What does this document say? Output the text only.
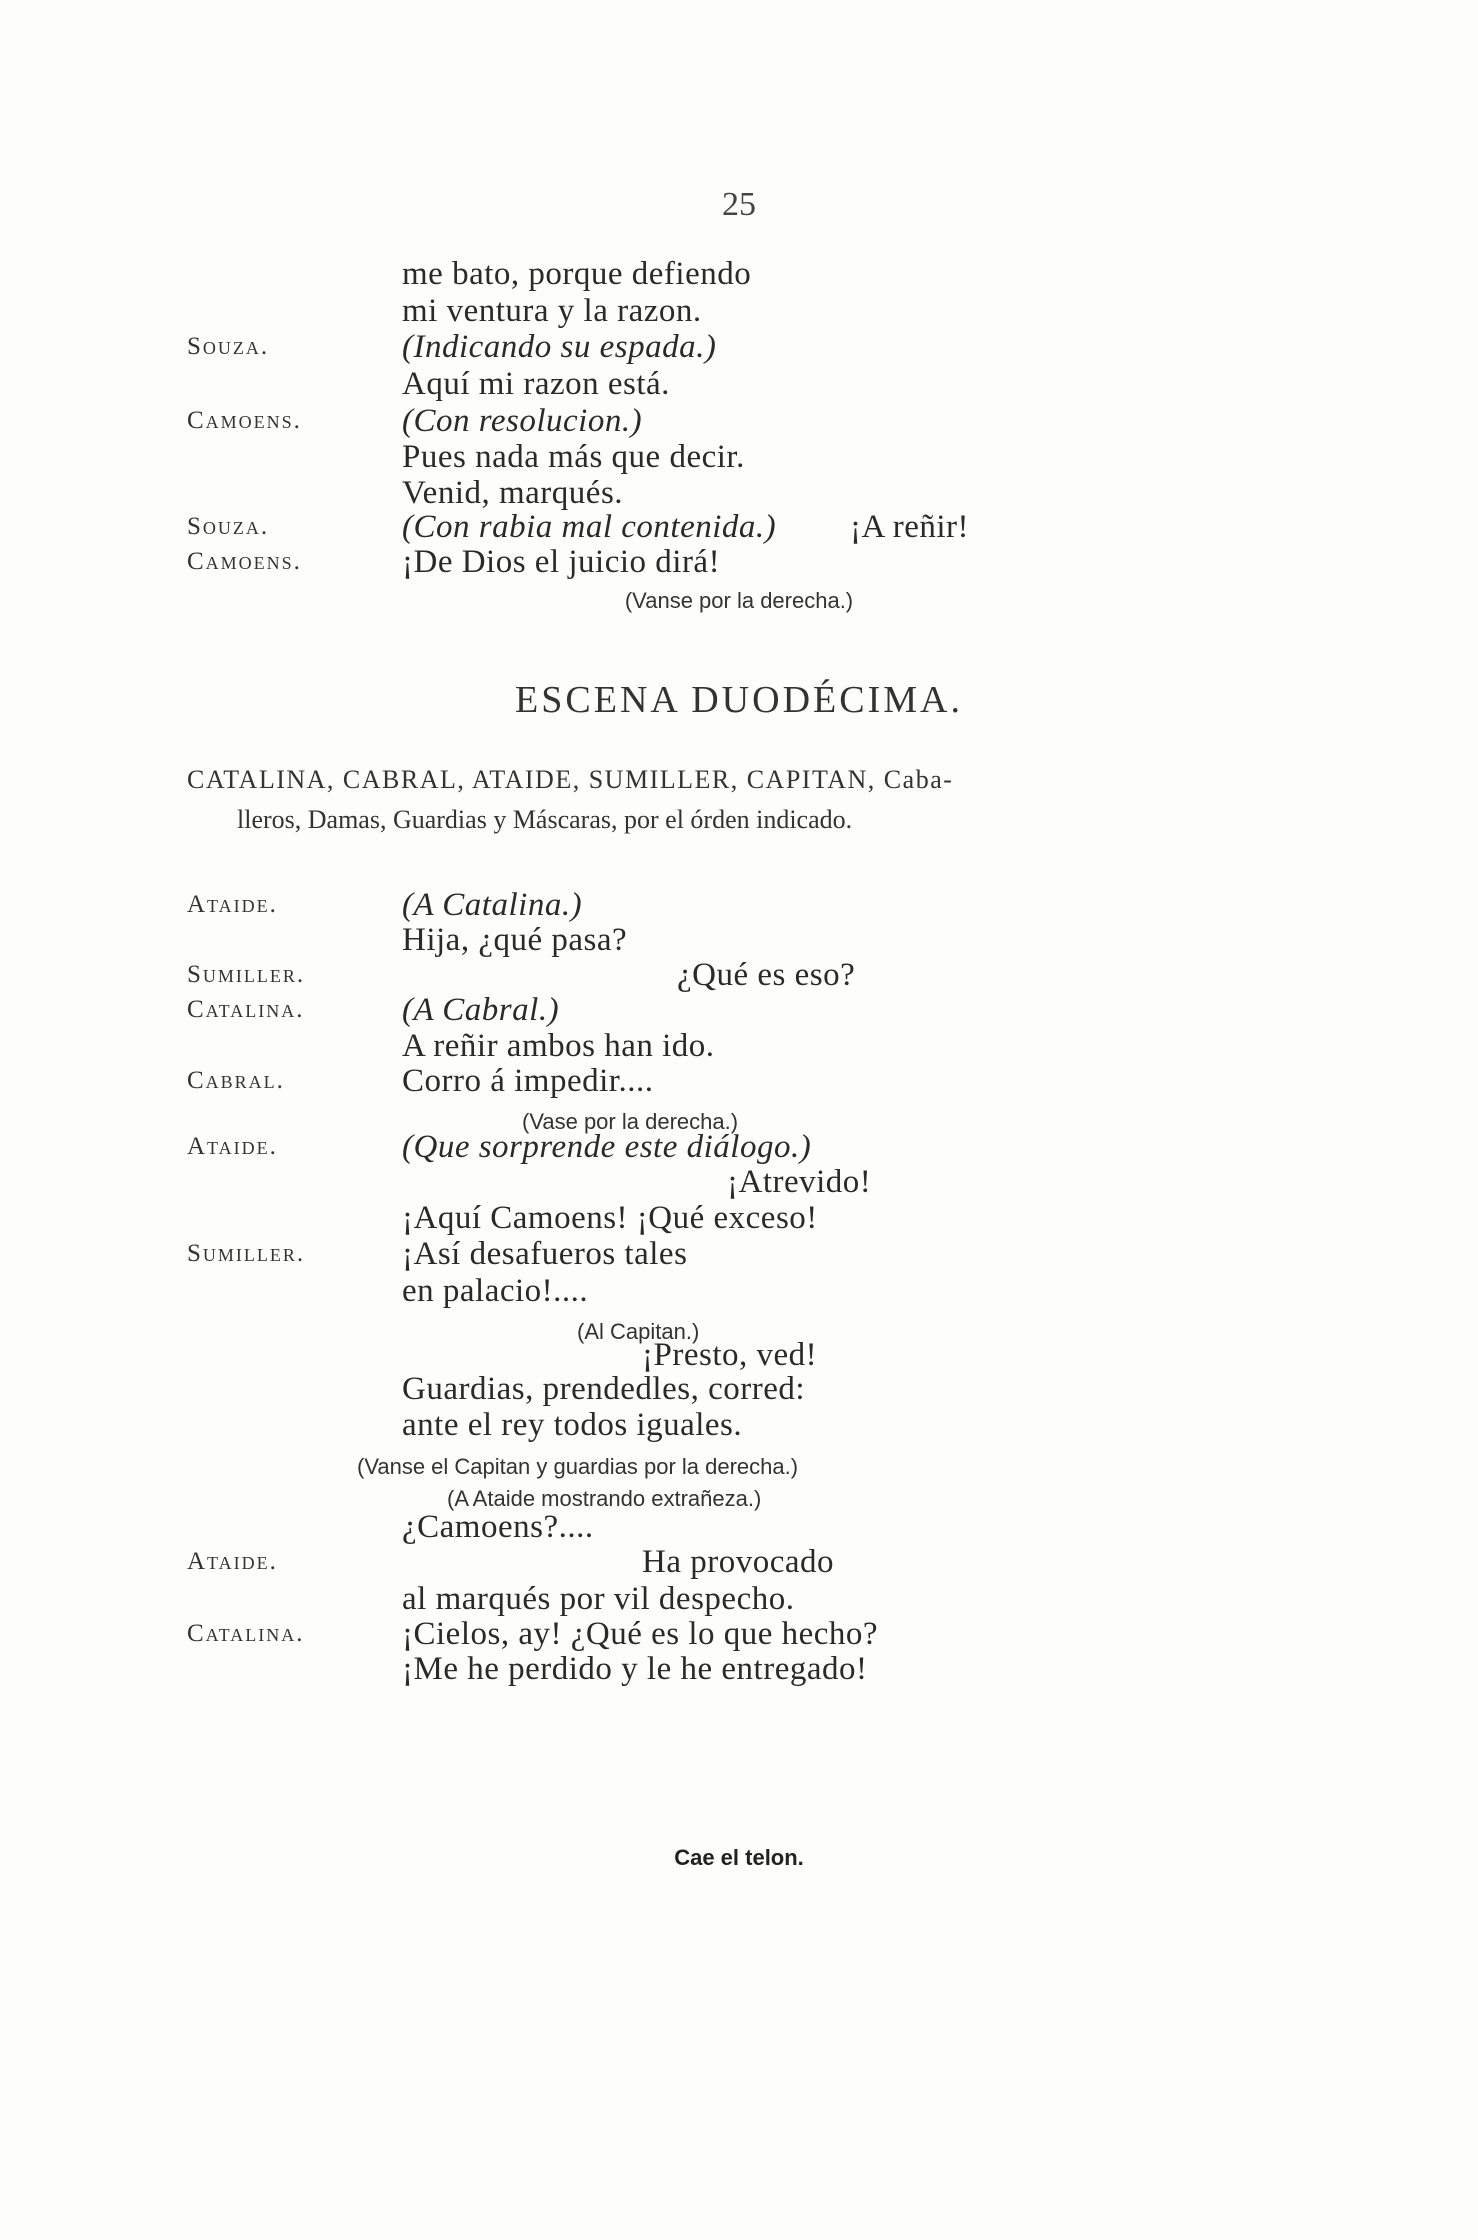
25
me bato, porque defiendo
mi ventura y la razon.
Souza.	(Indicando su espada.)
Aquí mi razon está.
Camoens.	(Con resolucion.)
Pues nada más que decir.
Venid, marqués.
Souza.	(Con rabia mal contenida.) ¡A reñir!
Camoens.	¡De Dios el juicio dirá!
(Vanse por la derecha.)
ESCENA DUODÉCIMA.
CATALINA, CABRAL, ATAIDE, SUMILLER, CAPITAN, Caba-
lleros, Damas, Guardias y Máscaras, por el órden indicado.
Ataide.	(A Catalina.)
Hija, ¿qué pasa?
Sumiller.	¿Qué es eso?
Catalina.	(A Cabral.)
A reñir ambos han ido.
Cabral.	Corro á impedir....
(Vase por la derecha.)
Ataide.	(Que sorprende este diálogo.)
¡Atrevido!
¡Aquí Camoens! ¡Qué exceso!
Sumiller.	¡Así desafueros tales
en palacio!....
(Al Capitan.)
¡Presto, ved!
Guardias, prendedles, corred:
ante el rey todos iguales.
(Vanse el Capitan y guardias por la derecha.)
(A Ataide mostrando extrañeza.)
¿Camoens?....
Ataide.	Ha provocado
al marqués por vil despecho.
Catalina.	¡Cielos, ay! ¿Qué es lo que hecho?
¡Me he perdido y le he entregado!
Cae el telon.
